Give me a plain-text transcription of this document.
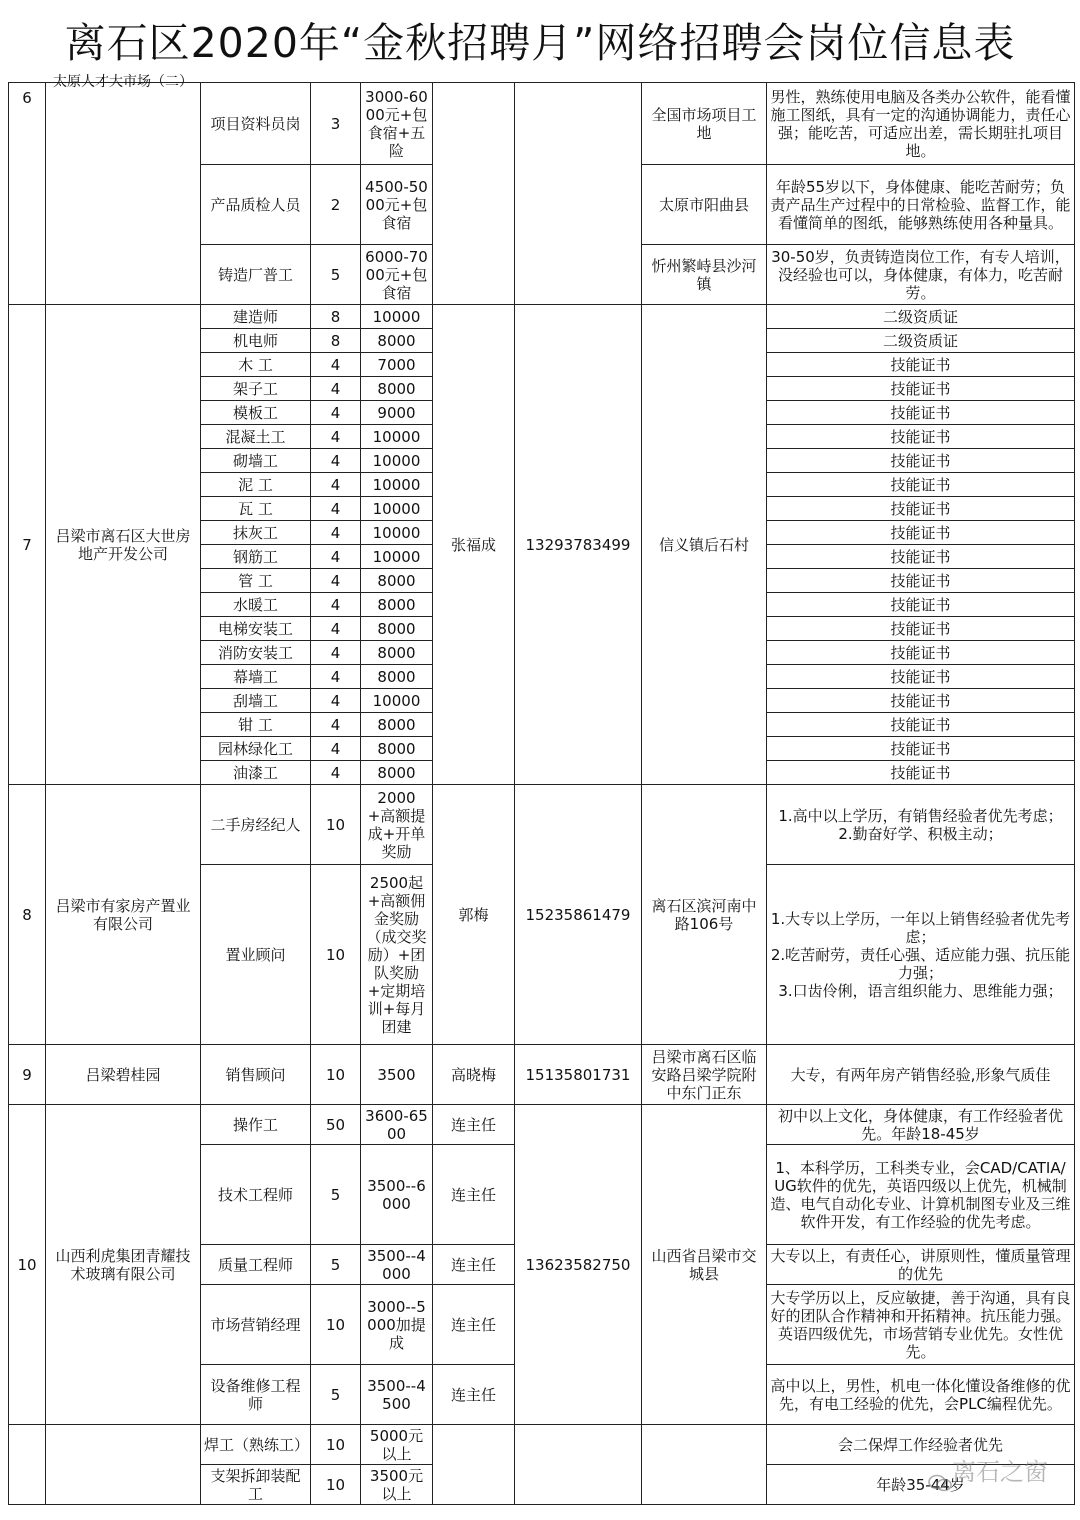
离石区2020年“金秋招聘月”网络招聘会岗位信息表
6	太原人才大市场（二）	项目资料员岗	3	3000-6000元+包食宿+五险			全国市场项目工地	男性，熟练使用电脑及各类办公软件，能看懂施工图纸，具有一定的沟通协调能力，责任心强；能吃苦，可适应出差，需长期驻扎项目地。
		产品质检人员	2	4500-5000元+包食宿			太原市阳曲县	年龄55岁以下，身体健康、能吃苦耐劳；负责产品生产过程中的日常检验、监督工作，能看懂简单的图纸，能够熟练使用各种量具。
		铸造厂普工	5	6000-7000元+包食宿			忻州繁峙县沙河镇	30-50岁，负责铸造岗位工作，有专人培训，没经验也可以，身体健康，有体力，吃苦耐劳。
7	吕梁市离石区大世房地产开发公司	建造师	8	10000	张福成	13293783499	信义镇后石村	二级资质证
		机电师	8	8000				二级资质证
		木 工	4	7000				技能证书
		架子工	4	8000				技能证书
		模板工	4	9000				技能证书
		混凝土工	4	10000				技能证书
		砌墙工	4	10000				技能证书
		泥 工	4	10000				技能证书
		瓦 工	4	10000				技能证书
		抹灰工	4	10000				技能证书
		钢筋工	4	10000				技能证书
		管 工	4	8000				技能证书
		水暖工	4	8000				技能证书
		电梯安装工	4	8000				技能证书
		消防安装工	4	8000				技能证书
		幕墙工	4	8000				技能证书
		刮墙工	4	10000				技能证书
		钳 工	4	8000				技能证书
		园林绿化工	4	8000				技能证书
		油漆工	4	8000				技能证书
8	吕梁市有家房产置业有限公司	二手房经纪人	10	2000+高额提成+开单奖励	郭梅	15235861479	离石区滨河南中路106号	1.高中以上学历，有销售经验者优先考虑；
2.勤奋好学、积极主动；
		置业顾问	10	2500起+高额佣金奖励（成交奖励）+团队奖励+定期培训+每月团建				1.大专以上学历，一年以上销售经验者优先考虑；
2.吃苦耐劳，责任心强、适应能力强、抗压能力强；
3.口齿伶俐，语言组织能力、思维能力强；
9	吕梁碧桂园	销售顾问	10	3500	高晓梅	15135801731	吕梁市离石区临安路吕梁学院附中东门正东	大专，有两年房产销售经验,形象气质佳
10	山西利虎集团青耀技术玻璃有限公司	操作工	50	3600-6500	连主任	13623582750	山西省吕梁市交城县	初中以上文化，身体健康，有工作经验者优先。年龄18-45岁
		技术工程师	5	3500--6000	连主任			1、本科学历，工科类专业，会CAD/CATIA/UG软件的优先，英语四级以上优先，机械制造、电气自动化专业、计算机制图专业及三维软件开发，有工作经验的优先考虑。
		质量工程师	5	3500--4000	连主任			大专以上，有责任心，讲原则性，懂质量管理的优先
		市场营销经理	10	3000--5000加提成	连主任			大专学历以上，反应敏捷，善于沟通，具有良好的团队合作精神和开拓精神。抗压能力强。英语四级优先，市场营销专业优先。女性优先。
		设备维修工程师	5	3500--4500	连主任			高中以上，男性，机电一体化懂设备维修的优先，有电工经验的优先，会PLC编程优先。
		焊工（熟练工）	10	5000元以上				会二保焊工作经验者优先
		支架拆卸装配工	10	3500元以上				年龄35-44岁
离石之窗
